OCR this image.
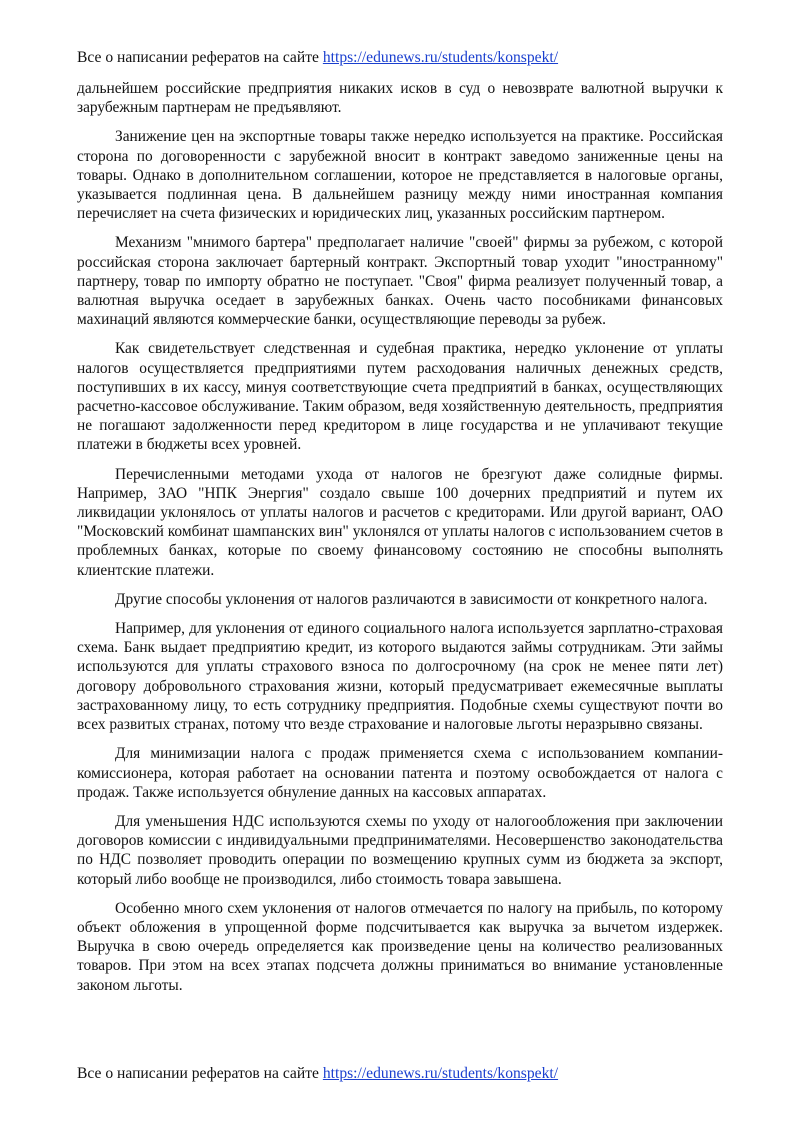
Все о написании рефератов на сайте https://edunews.ru/students/konspekt/

дальнейшем российские предприятия никаких исков в суд о невозврате валютной выручки к зарубежным партнерам не предъявляют.

Занижение цен на экспортные товары также нередко используется на практике. Российская сторона по договоренности с зарубежной вносит в контракт заведомо заниженные цены на товары. Однако в дополнительном соглашении, которое не представляется в налоговые органы, указывается подлинная цена. В дальнейшем разницу между ними иностранная компания перечисляет на счета физических и юридических лиц, указанных российским партнером.

Механизм "мнимого бартера" предполагает наличие "своей" фирмы за рубежом, с которой российская сторона заключает бартерный контракт. Экспортный товар уходит "иностранному" партнеру, товар по импорту обратно не поступает. "Своя" фирма реализует полученный товар, а валютная выручка оседает в зарубежных банках. Очень часто пособниками финансовых махинаций являются коммерческие банки, осуществляющие переводы за рубеж.

Как свидетельствует следственная и судебная практика, нередко уклонение от уплаты налогов осуществляется предприятиями путем расходования наличных денежных средств, поступивших в их кассу, минуя соответствующие счета предприятий в банках, осуществляющих расчетно-кассовое обслуживание. Таким образом, ведя хозяйственную деятельность, предприятия не погашают задолженности перед кредитором в лице государства и не уплачивают текущие платежи в бюджеты всех уровней.

Перечисленными методами ухода от налогов не брезгуют даже солидные фирмы. Например, ЗАО "НПК Энергия" создало свыше 100 дочерних предприятий и путем их ликвидации уклонялось от уплаты налогов и расчетов с кредиторами. Или другой вариант, ОАО "Московский комбинат шампанских вин" уклонялся от уплаты налогов с использованием счетов в проблемных банках, которые по своему финансовому состоянию не способны выполнять клиентские платежи.

Другие способы уклонения от налогов различаются в зависимости от конкретного налога.

Например, для уклонения от единого социального налога используется зарплатно-страховая схема. Банк выдает предприятию кредит, из которого выдаются займы сотрудникам. Эти займы используются для уплаты страхового взноса по долгосрочному (на срок не менее пяти лет) договору добровольного страхования жизни, который предусматривает ежемесячные выплаты застрахованному лицу, то есть сотруднику предприятия. Подобные схемы существуют почти во всех развитых странах, потому что везде страхование и налоговые льготы неразрывно связаны.

Для минимизации налога с продаж применяется схема с использованием компании-комиссионера, которая работает на основании патента и поэтому освобождается от налога с продаж. Также используется обнуление данных на кассовых аппаратах.

Для уменьшения НДС используются схемы по уходу от налогообложения при заключении договоров комиссии с индивидуальными предпринимателями. Несовершенство законодательства по НДС позволяет проводить операции по возмещению крупных сумм из бюджета за экспорт, который либо вообще не производился, либо стоимость товара завышена.

Особенно много схем уклонения от налогов отмечается по налогу на прибыль, по которому объект обложения в упрощенной форме подсчитывается как выручка за вычетом издержек. Выручка в свою очередь определяется как произведение цены на количество реализованных товаров. При этом на всех этапах подсчета должны приниматься во внимание установленные законом льготы.

Все о написании рефератов на сайте https://edunews.ru/students/konspekt/
